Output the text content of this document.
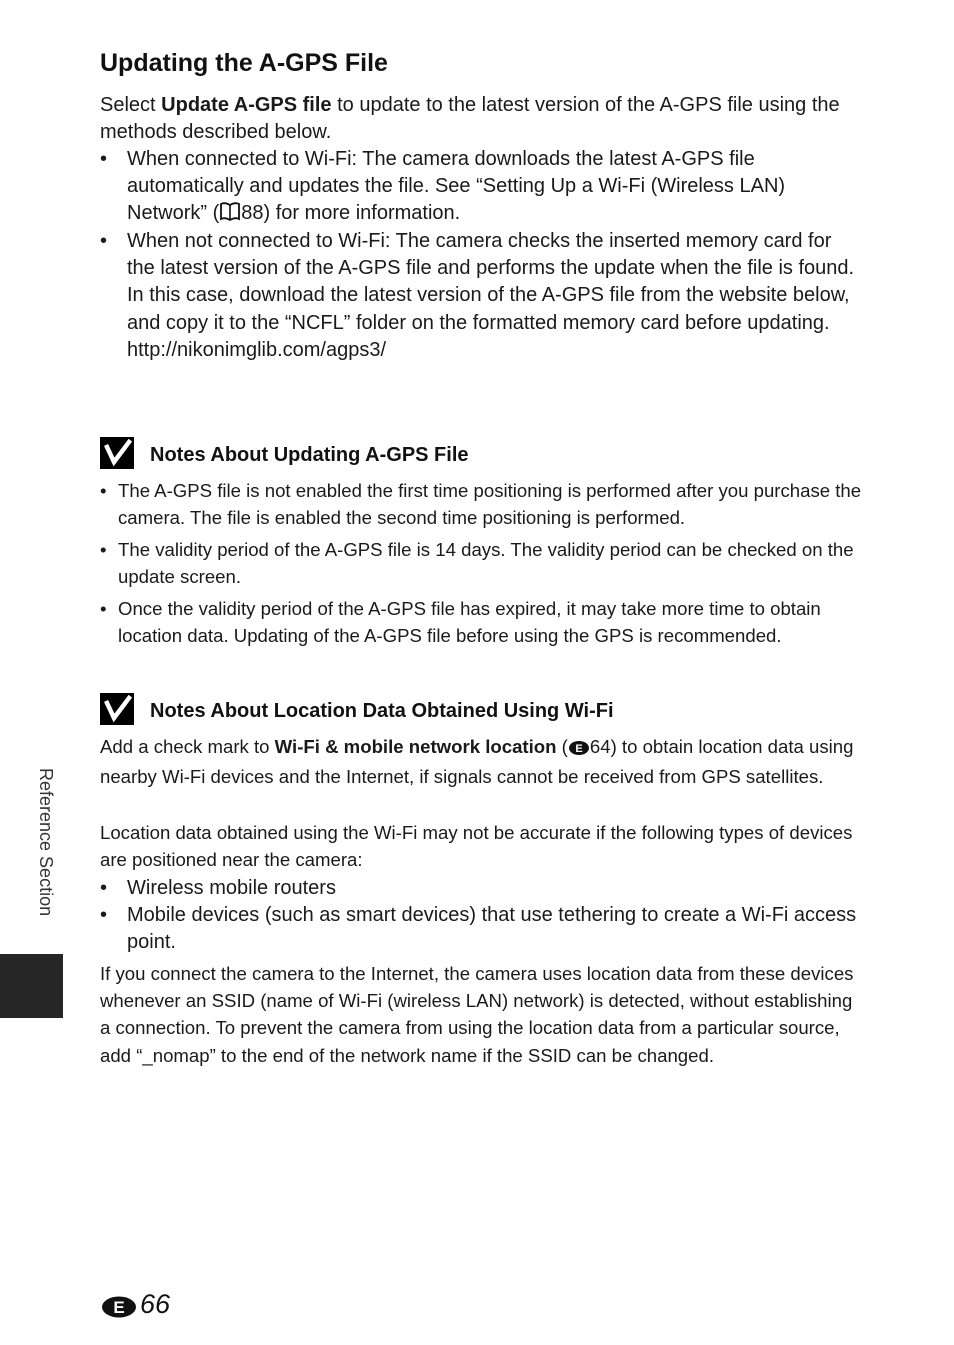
Updating the A-GPS File

Select Update A-GPS file to update to the latest version of the A-GPS file using the methods described below.

• When connected to Wi-Fi: The camera downloads the latest A-GPS file automatically and updates the file. See “Setting Up a Wi-Fi (Wireless LAN) Network” ( 88) for more information.
• When not connected to Wi-Fi: The camera checks the inserted memory card for the latest version of the A-GPS file and performs the update when the file is found. In this case, download the latest version of the A-GPS file from the website below, and copy it to the “NCFL” folder on the formatted memory card before updating.
http://nikonimglib.com/agps3/
Notes About Updating A-GPS File
• The A-GPS file is not enabled the first time positioning is performed after you purchase the camera. The file is enabled the second time positioning is performed.
• The validity period of the A-GPS file is 14 days. The validity period can be checked on the update screen.
• Once the validity period of the A-GPS file has expired, it may take more time to obtain location data. Updating of the A-GPS file before using the GPS is recommended.
Notes About Location Data Obtained Using Wi-Fi

Add a check mark to Wi-Fi & mobile network location ( E 64) to obtain location data using nearby Wi-Fi devices and the Internet, if signals cannot be received from GPS satellites.

Location data obtained using the Wi-Fi may not be accurate if the following types of devices are positioned near the camera:

• Wireless mobile routers
• Mobile devices (such as smart devices) that use tethering to create a Wi-Fi access point.

If you connect the camera to the Internet, the camera uses location data from these devices whenever an SSID (name of Wi-Fi (wireless LAN) network) is detected, without establishing a connection. To prevent the camera from using the location data from a particular source, add “_nomap” to the end of the network name if the SSID can be changed.

Reference Section
E 66
